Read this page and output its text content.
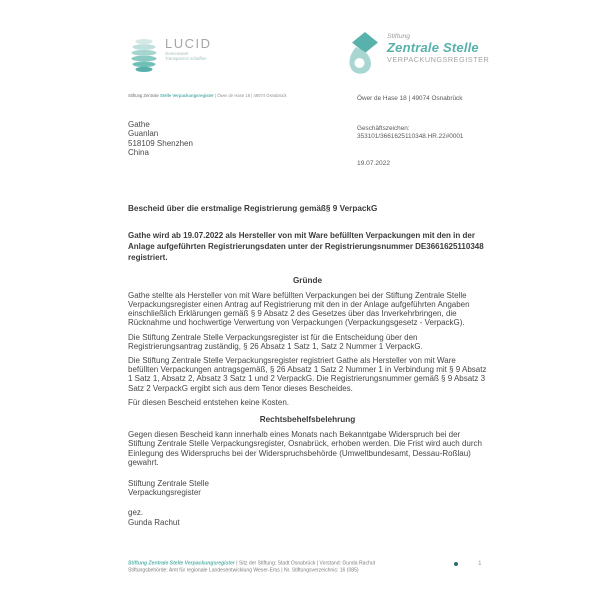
LUCID
Gemeinsam
Transparenz schaffen
Stiftung
Zentrale Stelle
VERPACKUNGSREGISTER
Stiftung Zentrale Stelle Verpackungsregister | Öwer de Hase 18 | 49074 Osnabrück	Öwer de Hase 18 | 49074 Osnabrück
Gathe
Guanlan
518109 Shenzhen
China
Geschäftszeichen:
353101/3661625110348.HR.22#0001
19.07.2022
Bescheid über die erstmalige Registrierung gemäß§ 9 VerpackG

Gathe wird ab 19.07.2022 als Hersteller von mit Ware befüllten Verpackungen mit den in der Anlage aufgeführten Registrierungsdaten unter der Registrierungsnummer DE3661625110348 registriert.

Gründe

Gathe stellte als Hersteller von mit Ware befüllten Verpackungen bei der Stiftung Zentrale Stelle Verpackungsregister einen Antrag auf Registrierung mit den in der Anlage aufgeführten Angaben einschließlich Erklärungen gemäß § 9 Absatz 2 des Gesetzes über das Inverkehrbringen, die Rücknahme und hochwertige Verwertung von Verpackungen (Verpackungsgesetz - VerpackG).

Die Stiftung Zentrale Stelle Verpackungsregister ist für die Entscheidung über den Registrierungsantrag zuständig, § 26 Absatz 1 Satz 1, Satz 2 Nummer 1 VerpackG.

Die Stiftung Zentrale Stelle Verpackungsregister registriert Gathe als Hersteller von mit Ware befüllten Verpackungen antragsgemäß, § 26 Absatz 1 Satz 2 Nummer 1 in Verbindung mit § 9 Absatz 1 Satz 1, Absatz 2, Absatz 3 Satz 1 und 2 VerpackG. Die Registrierungsnummer gemäß § 9 Absatz 3 Satz 2 VerpackG ergibt sich aus dem Tenor dieses Bescheides.

Für diesen Bescheid entstehen keine Kosten.

Rechtsbehelfsbelehrung

Gegen diesen Bescheid kann innerhalb eines Monats nach Bekanntgabe Widerspruch bei der Stiftung Zentrale Stelle Verpackungsregister, Osnabrück, erhoben werden. Die Frist wird auch durch Einlegung des Widerspruchs bei der Widerspruchsbehörde (Umweltbundesamt, Dessau-Roßlau) gewahrt.

Stiftung Zentrale Stelle
Verpackungsregister
gez.
Gunda Rachut
Stiftung Zentrale Stelle Verpackungsregister | Sitz der Stiftung: Stadt Osnabrück | Vorstand: Gunda Rachut
Stiftungsbehörde: Amt für regionale Landesentwicklung Weser-Ems | Nr. Stiftungsverzeichnis: 16 (085)
1
